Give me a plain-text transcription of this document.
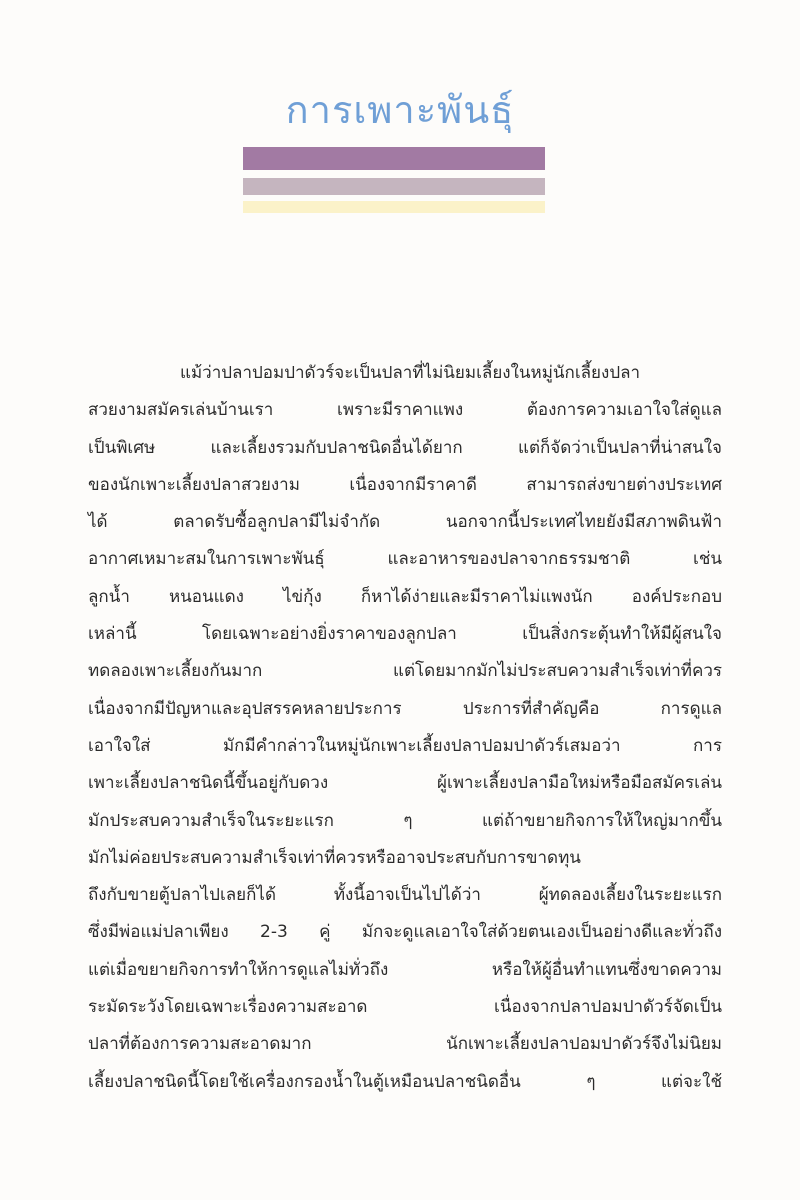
การเพาะพันธุ์
แม้ว่าปลาปอมปาดัวร์จะเป็นปลาที่ไม่นิยมเลี้ยงในหมู่นักเลี้ยงปลา
สวยงามสมัครเล่นบ้านเรา เพราะมีราคาแพง ต้องการความเอาใจใส่ดูแล
เป็นพิเศษ และเลี้ยงรวมกับปลาชนิดอื่นได้ยาก แต่ก็จัดว่าเป็นปลาที่น่าสนใจ
ของนักเพาะเลี้ยงปลาสวยงาม เนื่องจากมีราคาดี สามารถส่งขายต่างประเทศ
ได้ ตลาดรับซื้อลูกปลามีไม่จำกัด นอกจากนี้ประเทศไทยยังมีสภาพดินฟ้า
อากาศเหมาะสมในการเพาะพันธุ์ และอาหารของปลาจากธรรมชาติ เช่น
ลูกน้ำ หนอนแดง ไข่กุ้ง ก็หาได้ง่ายและมีราคาไม่แพงนัก องค์ประกอบ
เหล่านี้ โดยเฉพาะอย่างยิ่งราคาของลูกปลา เป็นสิ่งกระตุ้นทำให้มีผู้สนใจ
ทดลองเพาะเลี้ยงกันมาก แต่โดยมากมักไม่ประสบความสำเร็จเท่าที่ควร
เนื่องจากมีปัญหาและอุปสรรคหลายประการ ประการที่สำคัญคือ การดูแล
เอาใจใส่ มักมีคำกล่าวในหมู่นักเพาะเลี้ยงปลาปอมปาดัวร์เสมอว่า การ
เพาะเลี้ยงปลาชนิดนี้ขึ้นอยู่กับดวง ผู้เพาะเลี้ยงปลามือใหม่หรือมือสมัครเล่น
มักประสบความสำเร็จในระยะแรก ๆ แต่ถ้าขยายกิจการให้ใหญ่มากขึ้น
มักไม่ค่อยประสบความสำเร็จเท่าที่ควรหรืออาจประสบกับการขาดทุน
ถึงกับขายตู้ปลาไปเลยก็ได้ ทั้งนี้อาจเป็นไปได้ว่า ผู้ทดลองเลี้ยงในระยะแรก
ซึ่งมีพ่อแม่ปลาเพียง 2-3 คู่ มักจะดูแลเอาใจใส่ด้วยตนเองเป็นอย่างดีและทั่วถึง
แต่เมื่อขยายกิจการทำให้การดูแลไม่ทั่วถึง หรือให้ผู้อื่นทำแทนซึ่งขาดความ
ระมัดระวังโดยเฉพาะเรื่องความสะอาด เนื่องจากปลาปอมปาดัวร์จัดเป็น
ปลาที่ต้องการความสะอาดมาก นักเพาะเลี้ยงปลาปอมปาดัวร์จึงไม่นิยม
เลี้ยงปลาชนิดนี้โดยใช้เครื่องกรองน้ำในตู้เหมือนปลาชนิดอื่น ๆ แต่จะใช้
